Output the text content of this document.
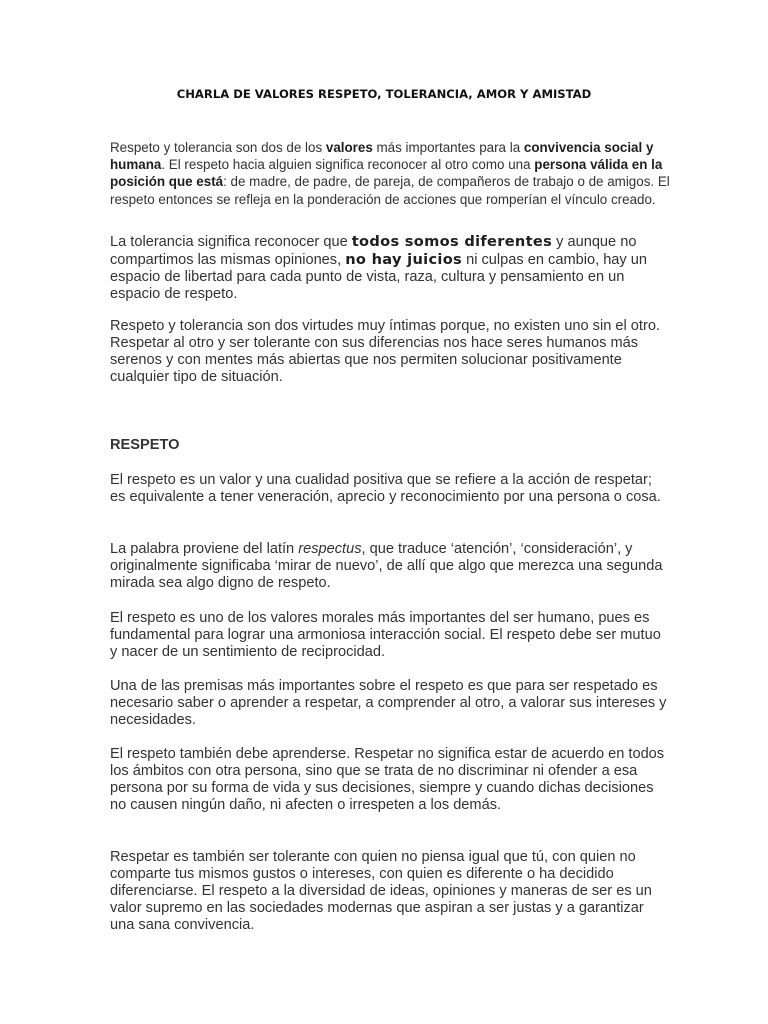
CHARLA DE VALORES RESPETO, TOLERANCIA, AMOR Y AMISTAD

Respeto y tolerancia son dos de los valores más importantes para la convivencia social y humana. El respeto hacia alguien significa reconocer al otro como una persona válida en la posición que está: de madre, de padre, de pareja, de compañeros de trabajo o de amigos. El respeto entonces se refleja en la ponderación de acciones que romperían el vínculo creado.

La tolerancia significa reconocer que todos somos diferentes y aunque no compartimos las mismas opiniones, no hay juicios ni culpas en cambio, hay un espacio de libertad para cada punto de vista, raza, cultura y pensamiento en un espacio de respeto.

Respeto y tolerancia son dos virtudes muy íntimas porque, no existen uno sin el otro. Respetar al otro y ser tolerante con sus diferencias nos hace seres humanos más serenos y con mentes más abiertas que nos permiten solucionar positivamente cualquier tipo de situación.

RESPETO

El respeto es un valor y una cualidad positiva que se refiere a la acción de respetar; es equivalente a tener veneración, aprecio y reconocimiento por una persona o cosa.

La palabra proviene del latín respectus, que traduce ‘atención’, ‘consideración’, y originalmente significaba ‘mirar de nuevo’, de allí que algo que merezca una segunda mirada sea algo digno de respeto.

El respeto es uno de los valores morales más importantes del ser humano, pues es fundamental para lograr una armoniosa interacción social. El respeto debe ser mutuo y nacer de un sentimiento de reciprocidad.

Una de las premisas más importantes sobre el respeto es que para ser respetado es necesario saber o aprender a respetar, a comprender al otro, a valorar sus intereses y necesidades.

El respeto también debe aprenderse. Respetar no significa estar de acuerdo en todos los ámbitos con otra persona, sino que se trata de no discriminar ni ofender a esa persona por su forma de vida y sus decisiones, siempre y cuando dichas decisiones no causen ningún daño, ni afecten o irrespeten a los demás.

Respetar es también ser tolerante con quien no piensa igual que tú, con quien no comparte tus mismos gustos o intereses, con quien es diferente o ha decidido diferenciarse. El respeto a la diversidad de ideas, opiniones y maneras de ser es un valor supremo en las sociedades modernas que aspiran a ser justas y a garantizar una sana convivencia.
